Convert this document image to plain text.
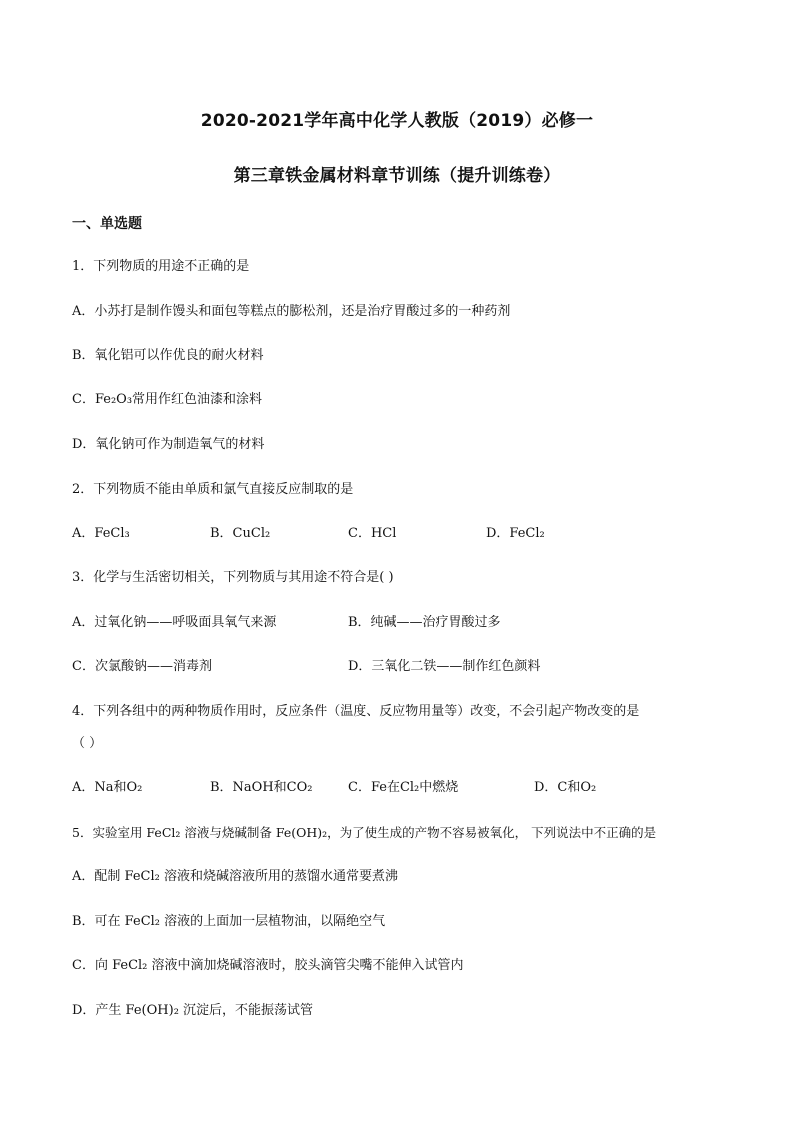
2020-2021学年高中化学人教版（2019）必修一
第三章铁金属材料章节训练（提升训练卷）
一、单选题
1．下列物质的用途不正确的是
A．小苏打是制作馒头和面包等糕点的膨松剂，还是治疗胃酸过多的一种药剂
B．氧化铝可以作优良的耐火材料
C．Fe₂O₃常用作红色油漆和涂料
D．氧化钠可作为制造氧气的材料
2．下列物质不能由单质和氯气直接反应制取的是
A．FeCl₃	B．CuCl₂	C．HCl	D．FeCl₂
3．化学与生活密切相关，下列物质与其用途不符合是( )
A．过氧化钠——呼吸面具氧气来源	B．纯碱——治疗胃酸过多
C．次氯酸钠——消毒剂	D．三氧化二铁——制作红色颜料
4．下列各组中的两种物质作用时，反应条件（温度、反应物用量等）改变，不会引起产物改变的是
（ ）
A．Na和O₂	B．NaOH和CO₂	C．Fe在Cl₂中燃烧	D．C和O₂
5．实验室用 FeCl₂ 溶液与烧碱制备 Fe(OH)₂，为了使生成的产物不容易被氧化， 下列说法中不正确的是
A．配制 FeCl₂ 溶液和烧碱溶液所用的蒸馏水通常要煮沸
B．可在 FeCl₂ 溶液的上面加一层植物油，以隔绝空气
C．向 FeCl₂ 溶液中滴加烧碱溶液时，胶头滴管尖嘴不能伸入试管内
D．产生 Fe(OH)₂ 沉淀后，不能振荡试管
